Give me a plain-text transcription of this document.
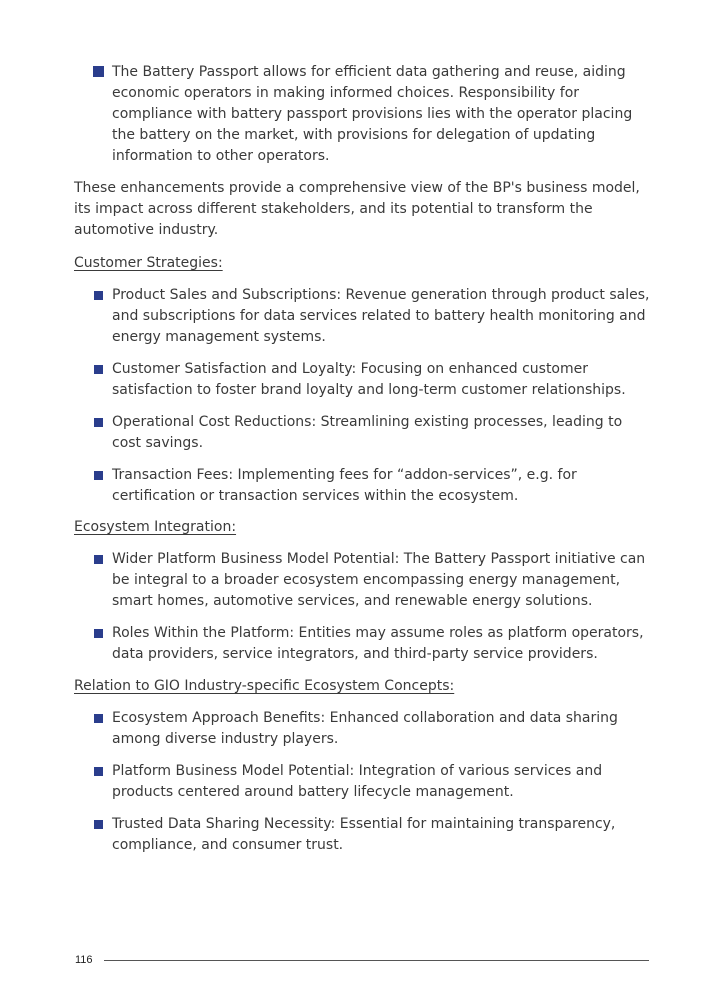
The Battery Passport allows for efficient data gathering and reuse, aiding economic operators in making informed choices. Responsibility for compliance with battery passport provisions lies with the operator placing the battery on the market, with provisions for delegation of updating information to other operators.
These enhancements provide a comprehensive view of the BP's business model, its impact across different stakeholders, and its potential to transform the automotive industry.
Customer Strategies:
Product Sales and Subscriptions: Revenue generation through product sales, and subscriptions for data services related to battery health monitoring and energy management systems.
Customer Satisfaction and Loyalty: Focusing on enhanced customer satisfaction to foster brand loyalty and long-term customer relationships.
Operational Cost Reductions: Streamlining existing processes, leading to cost savings.
Transaction Fees: Implementing fees for “addon-services”, e.g. for certification or transaction services within the ecosystem.
Ecosystem Integration:
Wider Platform Business Model Potential: The Battery Passport initiative can be integral to a broader ecosystem encompassing energy management, smart homes, automotive services, and renewable energy solutions.
Roles Within the Platform: Entities may assume roles as platform operators, data providers, service integrators, and third-party service providers.
Relation to GIO Industry-specific Ecosystem Concepts:
Ecosystem Approach Benefits: Enhanced collaboration and data sharing among diverse industry players.
Platform Business Model Potential: Integration of various services and products centered around battery lifecycle management.
Trusted Data Sharing Necessity: Essential for maintaining transparency, compliance, and consumer trust.
116
